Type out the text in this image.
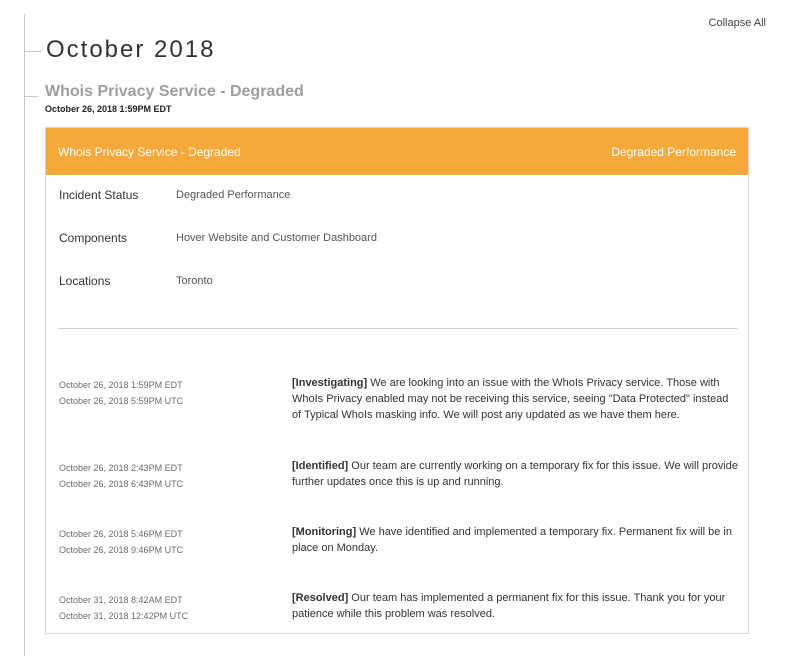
Collapse All
October 2018
Whois Privacy Service - Degraded
October 26, 2018 1:59PM EDT
Whois Privacy Service - Degraded	Degraded Performance
Incident Status	Degraded Performance
Components	Hover Website and Customer Dashboard
Locations	Toronto
October 26, 2018 1:59PM EDT
October 26, 2018 5:59PM UTC
[Investigating] We are looking into an issue with the WhoIs Privacy service. Those with WhoIs Privacy enabled may not be receiving this service, seeing "Data Protected" instead of Typical WhoIs masking info. We will post any updated as we have them here.
October 26, 2018 2:43PM EDT
October 26, 2018 6:43PM UTC
[Identified] Our team are currently working on a temporary fix for this issue. We will provide further updates once this is up and running.
October 26, 2018 5:46PM EDT
October 26, 2018 9:46PM UTC
[Monitoring] We have identified and implemented a temporary fix. Permanent fix will be in place on Monday.
October 31, 2018 8:42AM EDT
October 31, 2018 12:42PM UTC
[Resolved] Our team has implemented a permanent fix for this issue. Thank you for your patience while this problem was resolved.
